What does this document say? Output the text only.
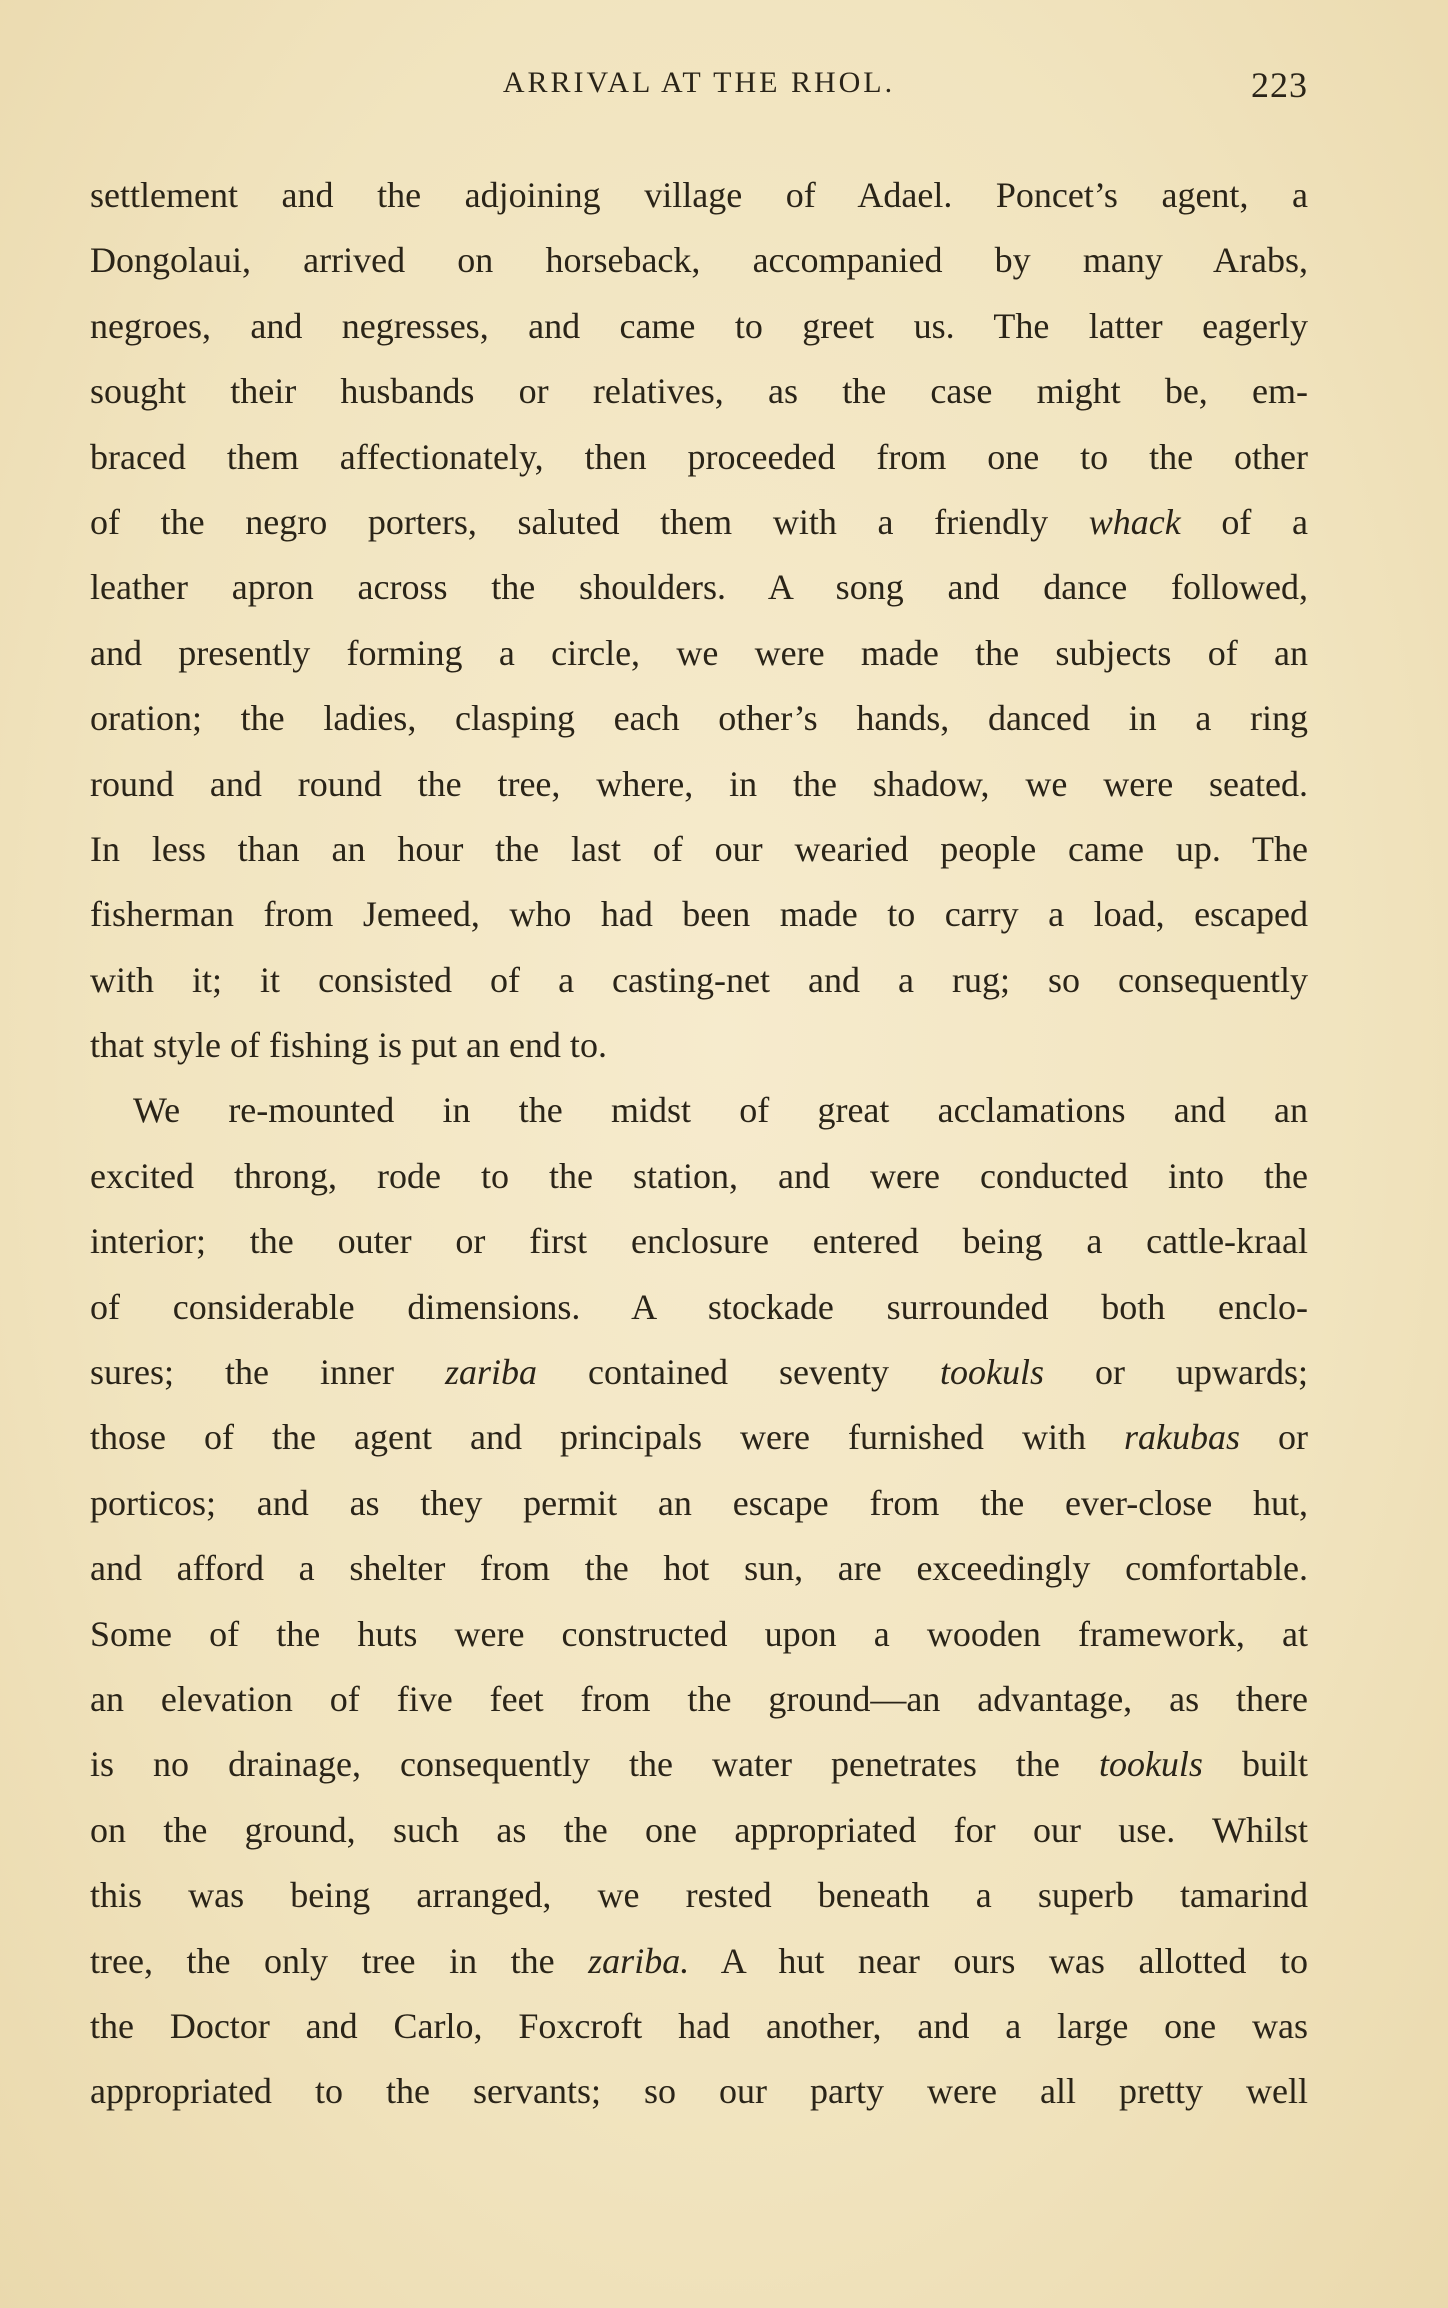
ARRIVAL AT THE RHOL.	223
settlement and the adjoining village of Adael. Poncet’s agent, a
Dongolaui, arrived on horseback, accompanied by many Arabs,
negroes, and negresses, and came to greet us. The latter eagerly
sought their husbands or relatives, as the case might be, em-
braced them affectionately, then proceeded from one to the other
of the negro porters, saluted them with a friendly whack of a
leather apron across the shoulders. A song and dance followed,
and presently forming a circle, we were made the subjects of an
oration; the ladies, clasping each other’s hands, danced in a ring
round and round the tree, where, in the shadow, we were seated.
In less than an hour the last of our wearied people came up. The
fisherman from Jemeed, who had been made to carry a load, escaped
with it; it consisted of a casting-net and a rug; so consequently
that style of fishing is put an end to.
We re-mounted in the midst of great acclamations and an
excited throng, rode to the station, and were conducted into the
interior; the outer or first enclosure entered being a cattle-kraal
of considerable dimensions. A stockade surrounded both enclo-
sures; the inner zariba contained seventy tookuls or upwards;
those of the agent and principals were furnished with rakubas or
porticos; and as they permit an escape from the ever-close hut,
and afford a shelter from the hot sun, are exceedingly comfortable.
Some of the huts were constructed upon a wooden framework, at
an elevation of five feet from the ground—an advantage, as there
is no drainage, consequently the water penetrates the tookuls built
on the ground, such as the one appropriated for our use. Whilst
this was being arranged, we rested beneath a superb tamarind
tree, the only tree in the zariba. A hut near ours was allotted to
the Doctor and Carlo, Foxcroft had another, and a large one was
appropriated to the servants; so our party were all pretty well
